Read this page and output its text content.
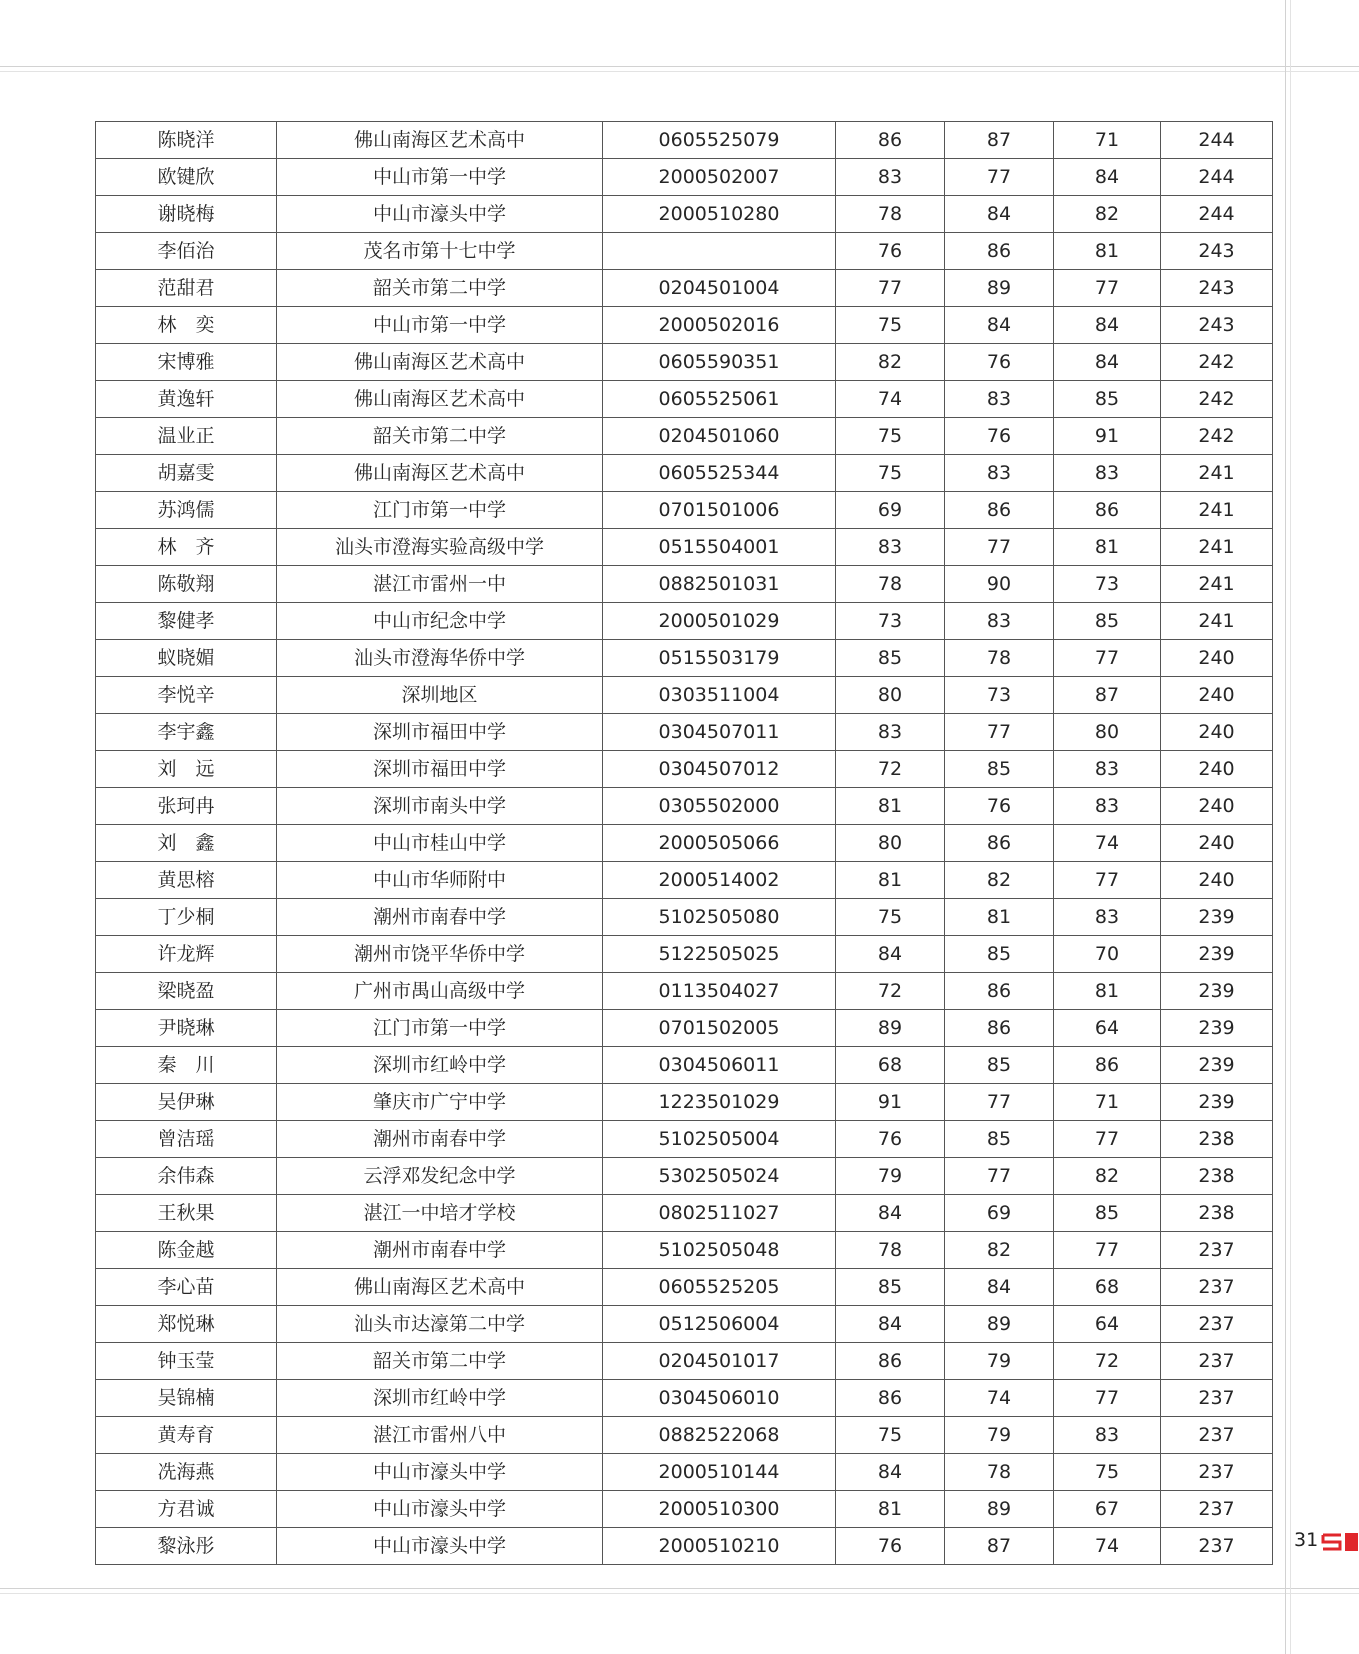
陈晓洋	佛山南海区艺术高中	0605525079	86	87	71	244
欧键欣	中山市第一中学	2000502007	83	77	84	244
谢晓梅	中山市濠头中学	2000510280	78	84	82	244
李佰治	茂名市第十七中学		76	86	81	243
范甜君	韶关市第二中学	0204501004	77	89	77	243
林　奕	中山市第一中学	2000502016	75	84	84	243
宋博雅	佛山南海区艺术高中	0605590351	82	76	84	242
黄逸轩	佛山南海区艺术高中	0605525061	74	83	85	242
温业正	韶关市第二中学	0204501060	75	76	91	242
胡嘉雯	佛山南海区艺术高中	0605525344	75	83	83	241
苏鸿儒	江门市第一中学	0701501006	69	86	86	241
林　齐	汕头市澄海实验高级中学	0515504001	83	77	81	241
陈敬翔	湛江市雷州一中	0882501031	78	90	73	241
黎健孝	中山市纪念中学	2000501029	73	83	85	241
蚁晓媚	汕头市澄海华侨中学	0515503179	85	78	77	240
李悦辛	深圳地区	0303511004	80	73	87	240
李宇鑫	深圳市福田中学	0304507011	83	77	80	240
刘　远	深圳市福田中学	0304507012	72	85	83	240
张珂冉	深圳市南头中学	0305502000	81	76	83	240
刘　鑫	中山市桂山中学	2000505066	80	86	74	240
黄思榕	中山市华师附中	2000514002	81	82	77	240
丁少桐	潮州市南春中学	5102505080	75	81	83	239
许龙辉	潮州市饶平华侨中学	5122505025	84	85	70	239
梁晓盈	广州市禺山高级中学	0113504027	72	86	81	239
尹晓琳	江门市第一中学	0701502005	89	86	64	239
秦　川	深圳市红岭中学	0304506011	68	85	86	239
吴伊琳	肇庆市广宁中学	1223501029	91	77	71	239
曾洁瑶	潮州市南春中学	5102505004	76	85	77	238
余伟森	云浮邓发纪念中学	5302505024	79	77	82	238
王秋果	湛江一中培才学校	0802511027	84	69	85	238
陈金越	潮州市南春中学	5102505048	78	82	77	237
李心苗	佛山南海区艺术高中	0605525205	85	84	68	237
郑悦琳	汕头市达濠第二中学	0512506004	84	89	64	237
钟玉莹	韶关市第二中学	0204501017	86	79	72	237
吴锦楠	深圳市红岭中学	0304506010	86	74	77	237
黄寿育	湛江市雷州八中	0882522068	75	79	83	237
冼海燕	中山市濠头中学	2000510144	84	78	75	237
方君诚	中山市濠头中学	2000510300	81	89	67	237
黎泳彤	中山市濠头中学	2000510210	76	87	74	237	31
